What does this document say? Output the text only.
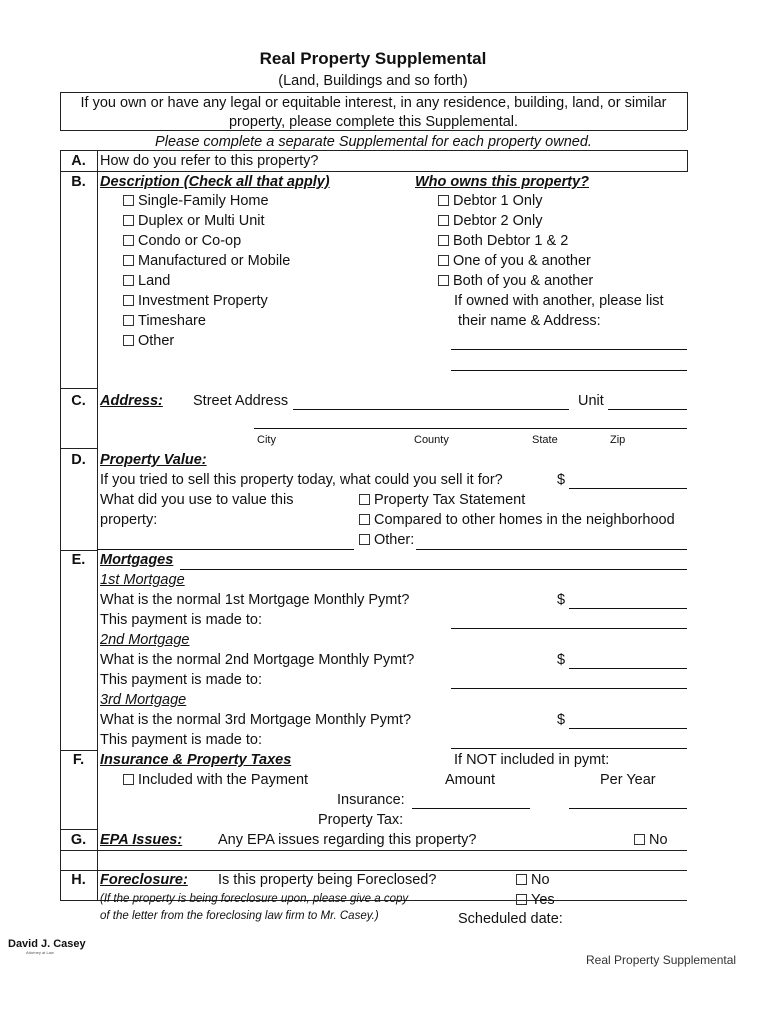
Real Property Supplemental
(Land, Buildings and so forth)
If you own or have any legal or equitable interest, in any residence, building, land, or similar
property, please complete this Supplemental.
Please complete a separate Supplemental for each property owned.
A. How do you refer to this property?
B. Description (Check all that apply)	Who owns this property?
Single-Family Home
Duplex or Multi Unit
Condo or Co-op
Manufactured or Mobile
Land
Investment Property
Timeshare
Other
Debtor 1 Only
Debtor 2 Only
Both Debtor 1 & 2
One of you & another
Both of you & another
If owned with another, please list
their name & Address:
C. Address: Street Address	Unit
City	County	State	Zip
D. Property Value:
If you tried to sell this property today, what could you sell it for?	$
What did you use to value this
property:
Property Tax Statement
Compared to other homes in the neighborhood
Other:
E.	Mortgages
1st Mortgage
What is the normal 1st Mortgage Monthly Pymt?	$
This payment is made to:
2nd Mortgage
What is the normal 2nd Mortgage Monthly Pymt?	$
This payment is made to:
3rd Mortgage
What is the normal 3rd Mortgage Monthly Pymt?	$
This payment is made to:
F.	Insurance & Property Taxes	If NOT included in pymt:
Included with the Payment	Amount	Per Year
Insurance:
Property Tax:
G. EPA Issues: Any EPA issues regarding this property?	No
H. Foreclosure: Is this property being Foreclosed?	No
Yes
(If the property is being foreclosure upon, please give a copy
of the letter from the foreclosing law firm to Mr. Casey.)	Scheduled date:
David J. Casey
Attorney at Law
Real Property Supplemental
